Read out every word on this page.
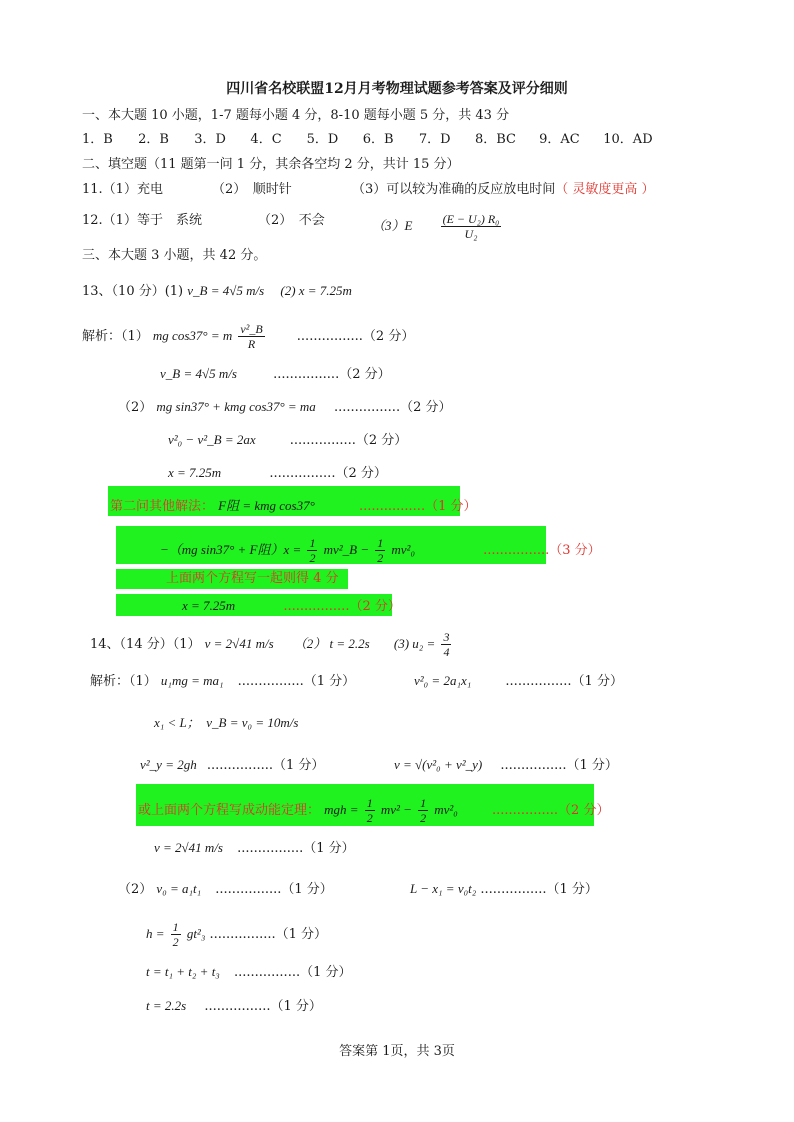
四川省名校联盟12月月考物理试题参考答案及评分细则
一、本大题 10 小题，1-7 题每小题 4 分，8-10 题每小题 5 分，共 43 分
1．B 2．B 3．D 4．C 5．D 6．B 7．D 8．BC 9．AC 10．AD
二、填空题（11 题第一问 1 分，其余各空均 2 分，共计 15 分）
11.（1）充电	（2）　顺时针	（3）可以较为准确的反应放电时间（ 灵敏度更高 ）
12.（1）等于　系统	（2）　不会	$(3)E \frac{\text{(E − U₂) R₀}}{\text{U₂}}$
三、本大题 3 小题，共 42 分。
13、（10 分）(1) v_B = 4√5 m/s (2) x = 7.25m
解析：（1） mg cos37° = m $\frac{\text{v²\_B}}{R} ................(2$ 分）
v_B = 4√5 m/s	................（2 分）
（2） mg sin37° + kmg cos37° = ma ................（2 分）
v²₀ − v²_B = 2ax	................（2 分）
x = 7.25m	................（2 分）
第二问其他解法： F阻 = kmg cos37°	................（1 分）
−（mg sin37° + F阻）$x = \frac{1}{2}$ mv²_B − $\frac{1}{2} mv^2_0$	................（3 分）
上面两个方程写一起则得 4 分
x = 7.25m	................（2 分）
14、（14 分）（1） v = 2√41 m/s （2） t = 2.2s (3) $u_2 = \frac{3}{4}$
解析：（1） u₁mg = ma₁ ................（1 分）	v²₀ = 2a₁x₁	................（1 分）
x₁ < L；　v_B = v₀ = 10m/s
v²_y = 2gh ................（1 分）	v = √(v²₀ + v²_y) ................（1 分）
或上面两个方程写成动能定理： mgh = $\frac{1}{2} mv^2 - \frac{1}{2} mv^2_0$	................（2 分）
v = 2√41 m/s ................（1 分）
（2） v₀ = a₁t₁ ................（1 分）	L − x₁ = v₀t₂ ................（1 分）
$h = \frac{1}{2} gt^2_3$ ................（1 分）
t = t₁ + t₂ + t₃ ................（1 分）
t = 2.2s ................（1 分）
答案第 1页，共 3页
